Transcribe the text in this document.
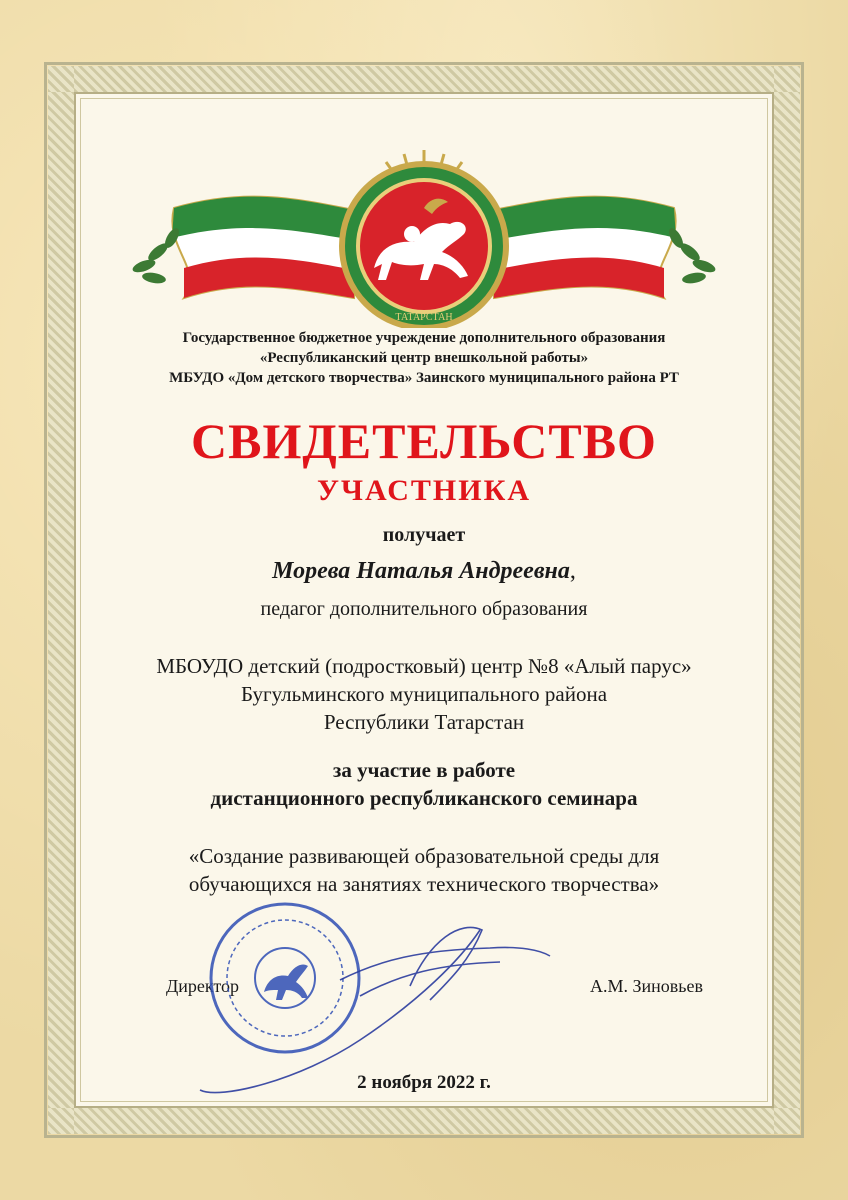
ТАТАРСТАН
Государственное бюджетное учреждение дополнительного образования
«Республиканский центр внешкольной работы»
МБУДО «Дом детского творчества» Заинского муниципального района РТ
СВИДЕТЕЛЬСТВО
УЧАСТНИКА
получает
Морева Наталья Андреевна,
педагог дополнительного образования
МБОУДО детский (подростковый) центр №8 «Алый парус»
Бугульминского муниципального района
Республики Татарстан
за участие в работе
дистанционного республиканского семинара
«Создание развивающей образовательной среды для
обучающихся на занятиях технического творчества»
Директор	А.М. Зиновьев
2 ноября 2022 г.
